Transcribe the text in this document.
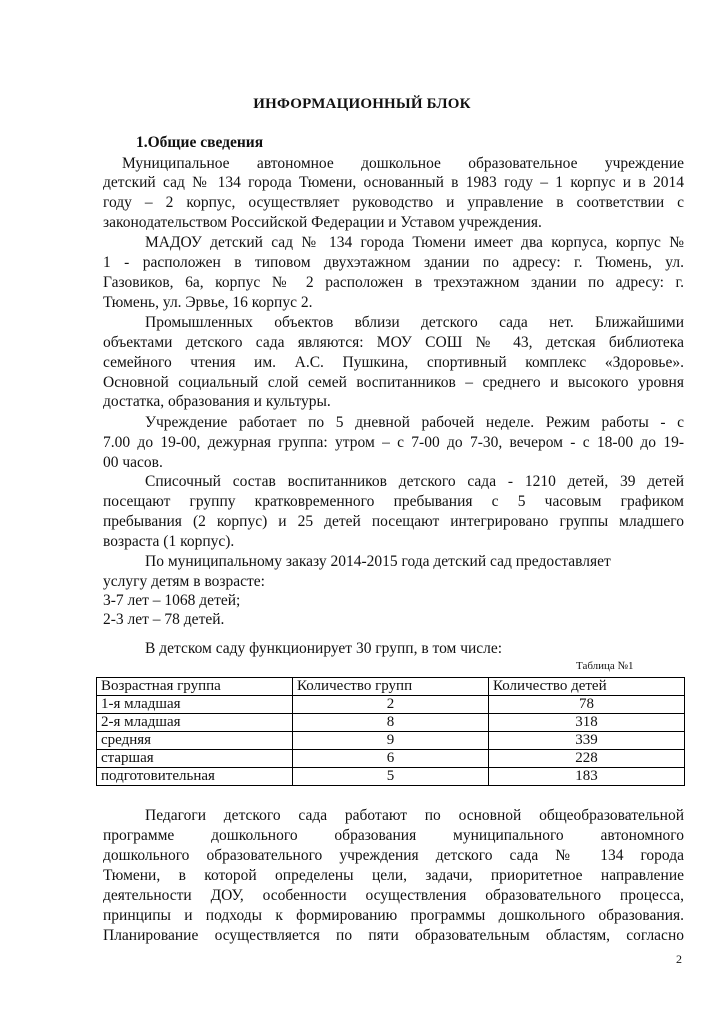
ИНФОРМАЦИОННЫЙ БЛОК
1.Общие сведения
Муниципальное автономное дошкольное образовательное учреждение
детский сад № 134 города Тюмени, основанный в 1983 году – 1 корпус и в 2014
году – 2 корпус, осуществляет руководство и управление в соответствии с
законодательством Российской Федерации и Уставом учреждения.
МАДОУ детский сад № 134 города Тюмени имеет два корпуса, корпус №
1 - расположен в типовом двухэтажном здании по адресу: г. Тюмень, ул.
Газовиков, 6а, корпус № 2 расположен в трехэтажном здании по адресу: г.
Тюмень, ул. Эрвье, 16 корпус 2.
Промышленных объектов вблизи детского сада нет. Ближайшими
объектами детского сада являются: МОУ СОШ № 43, детская библиотека
семейного чтения им. А.С. Пушкина, спортивный комплекс «Здоровье».
Основной социальный слой семей воспитанников – среднего и высокого уровня
достатка, образования и культуры.
Учреждение работает по 5 дневной рабочей неделе. Режим работы - с
7.00 до 19-00, дежурная группа: утром – с 7-00 до 7-30, вечером - с 18-00 до 19-
00 часов.
Списочный состав воспитанников детского сада - 1210 детей, 39 детей
посещают группу кратковременного пребывания с 5 часовым графиком
пребывания (2 корпус) и 25 детей посещают интегрировано группы младшего
возраста (1 корпус).
По муниципальному заказу 2014-2015 года детский сад предоставляет
услугу детям в возрасте:
3-7 лет – 1068 детей;
2-3 лет – 78 детей.
В детском саду функционирует 30 групп, в том числе:
Таблица №1
Возрастная группа	Количество групп	Количество детей
1-я младшая	2	78
2-я младшая	8	318
средняя	9	339
старшая	6	228
подготовительная	5	183
Педагоги детского сада работают по основной общеобразовательной
программе дошкольного образования муниципального автономного
дошкольного образовательного учреждения детского сада № 134 города
Тюмени, в которой определены цели, задачи, приоритетное направление
деятельности ДОУ, особенности осуществления образовательного процесса,
принципы и подходы к формированию программы дошкольного образования.
Планирование осуществляется по пяти образовательным областям, согласно
2
